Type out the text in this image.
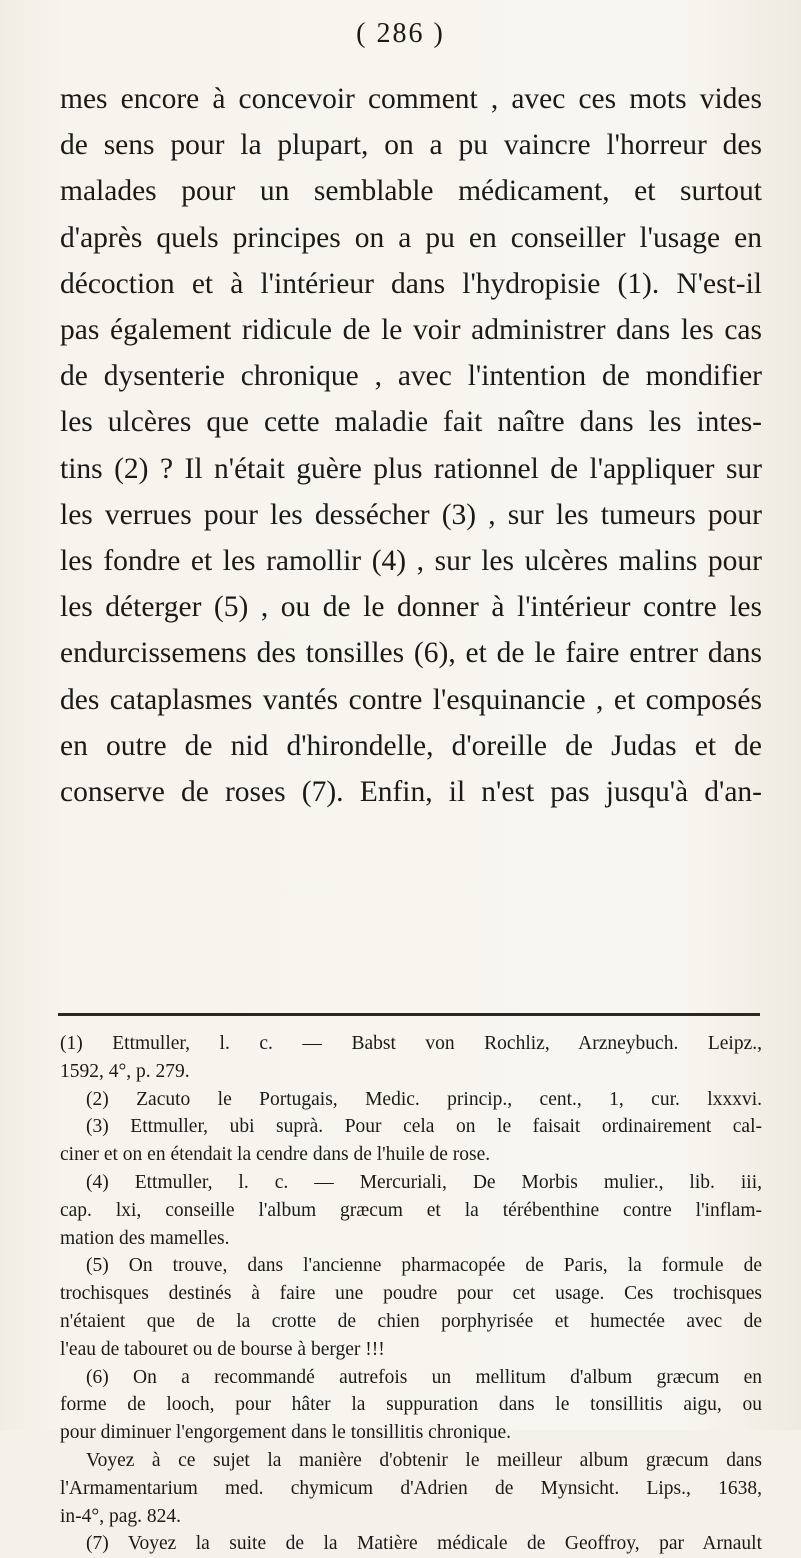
( 286 )
mes encore à concevoir comment , avec ces mots vides
de sens pour la plupart, on a pu vaincre l'horreur des
malades pour un semblable médicament, et surtout
d'après quels principes on a pu en conseiller l'usage en
décoction et à l'intérieur dans l'hydropisie (1). N'est-il
pas également ridicule de le voir administrer dans les cas
de dysenterie chronique , avec l'intention de mondifier
les ulcères que cette maladie fait naître dans les intes-
tins (2) ? Il n'était guère plus rationnel de l'appliquer sur
les verrues pour les dessécher (3) , sur les tumeurs pour
les fondre et les ramollir (4) , sur les ulcères malins pour
les déterger (5) , ou de le donner à l'intérieur contre les
endurcissemens des tonsilles (6), et de le faire entrer dans
des cataplasmes vantés contre l'esquinancie , et composés
en outre de nid d'hirondelle, d'oreille de Judas et de
conserve de roses (7). Enfin, il n'est pas jusqu'à d'an-
(1) Ettmuller, l. c. — Babst von Rochliz, Arzneybuch. Leipz.,
1592, 4°, p. 279.
(2) Zacuto le Portugais, Medic. princip., cent., 1, cur. lxxxvi.
(3) Ettmuller, ubi suprà. Pour cela on le faisait ordinairement cal-
ciner et on en étendait la cendre dans de l'huile de rose.
(4) Ettmuller, l. c. — Mercuriali, De Morbis mulier., lib. iii,
cap. lxi, conseille l'album græcum et la térébenthine contre l'inflam-
mation des mamelles.
(5) On trouve, dans l'ancienne pharmacopée de Paris, la formule de
trochisques destinés à faire une poudre pour cet usage. Ces trochisques
n'étaient que de la crotte de chien porphyrisée et humectée avec de
l'eau de tabouret ou de bourse à berger !!!
(6) On a recommandé autrefois un mellitum d'album græcum en
forme de looch, pour hâter la suppuration dans le tonsillitis aigu, ou
pour diminuer l'engorgement dans le tonsillitis chronique.
Voyez à ce sujet la manière d'obtenir le meilleur album græcum dans
l'Armamentarium med. chymicum d'Adrien de Mynsicht. Lips., 1638,
in-4°, pag. 824.
(7) Voyez la suite de la Matière médicale de Geoffroy, par Arnault
